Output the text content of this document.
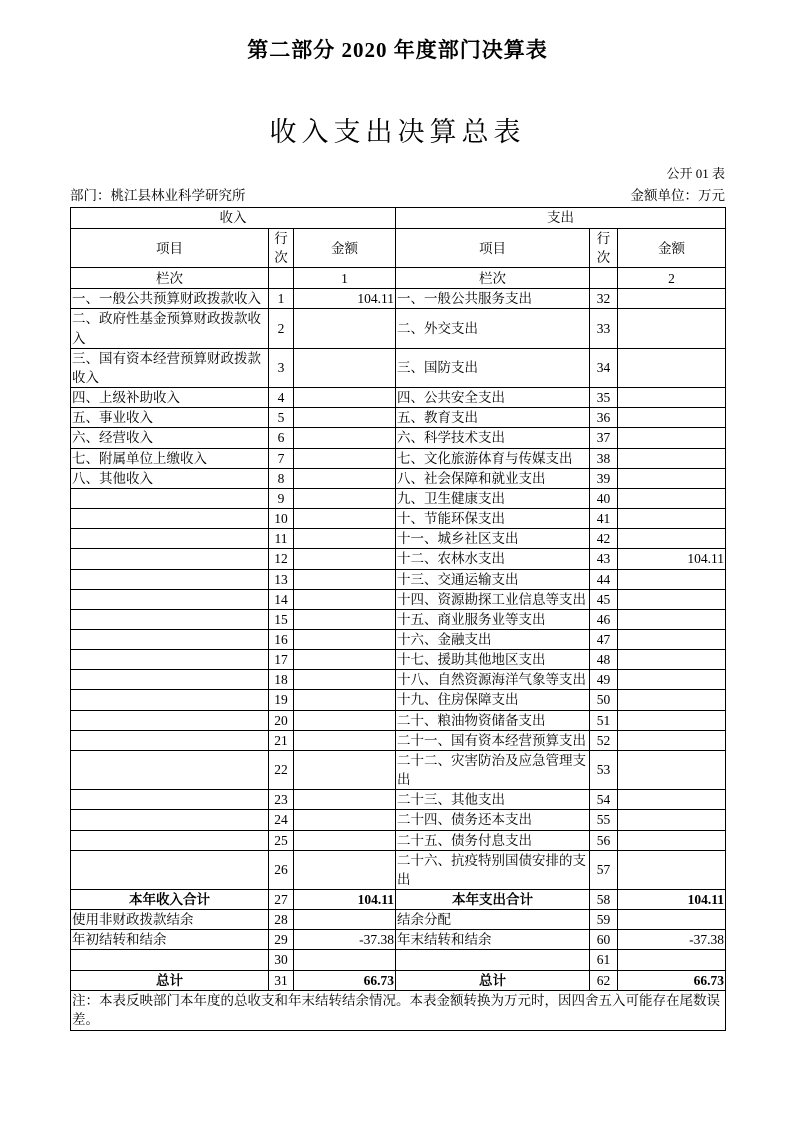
第二部分 2020 年度部门决算表
收入支出决算总表
公开 01 表
部门：桃江县林业科学研究所	金额单位：万元
收入			支出		
项目	行次	金额	项目	行次	金额
栏次		1	栏次		2
一、一般公共预算财政拨款收入	1	104.11	一、一般公共服务支出	32	
二、政府性基金预算财政拨款收入	2		二、外交支出	33	
三、国有资本经营预算财政拨款收入	3		三、国防支出	34	
四、上级补助收入	4		四、公共安全支出	35	
五、事业收入	5		五、教育支出	36	
六、经营收入	6		六、科学技术支出	37	
七、附属单位上缴收入	7		七、文化旅游体育与传媒支出	38	
八、其他收入	8		八、社会保障和就业支出	39	
	9		九、卫生健康支出	40	
	10		十、节能环保支出	41	
	11		十一、城乡社区支出	42	
	12		十二、农林水支出	43	104.11
	13		十三、交通运输支出	44	
	14		十四、资源勘探工业信息等支出	45	
	15		十五、商业服务业等支出	46	
	16		十六、金融支出	47	
	17		十七、援助其他地区支出	48	
	18		十八、自然资源海洋气象等支出	49	
	19		十九、住房保障支出	50	
	20		二十、粮油物资储备支出	51	
	21		二十一、国有资本经营预算支出	52	
	22		二十二、灾害防治及应急管理支出	53	
	23		二十三、其他支出	54	
	24		二十四、债务还本支出	55	
	25		二十五、债务付息支出	56	
	26		二十六、抗疫特别国债安排的支出	57	
本年收入合计	27	104.11	本年支出合计	58	104.11
使用非财政拨款结余	28		结余分配	59	
年初结转和结余	29	-37.38	年末结转和结余	60	-37.38
	30			61	
总计	31	66.73	总计	62	66.73
注：本表反映部门本年度的总收支和年末结转结余情况。本表金额转换为万元时，因四舍五入可能存在尾数误差。					
